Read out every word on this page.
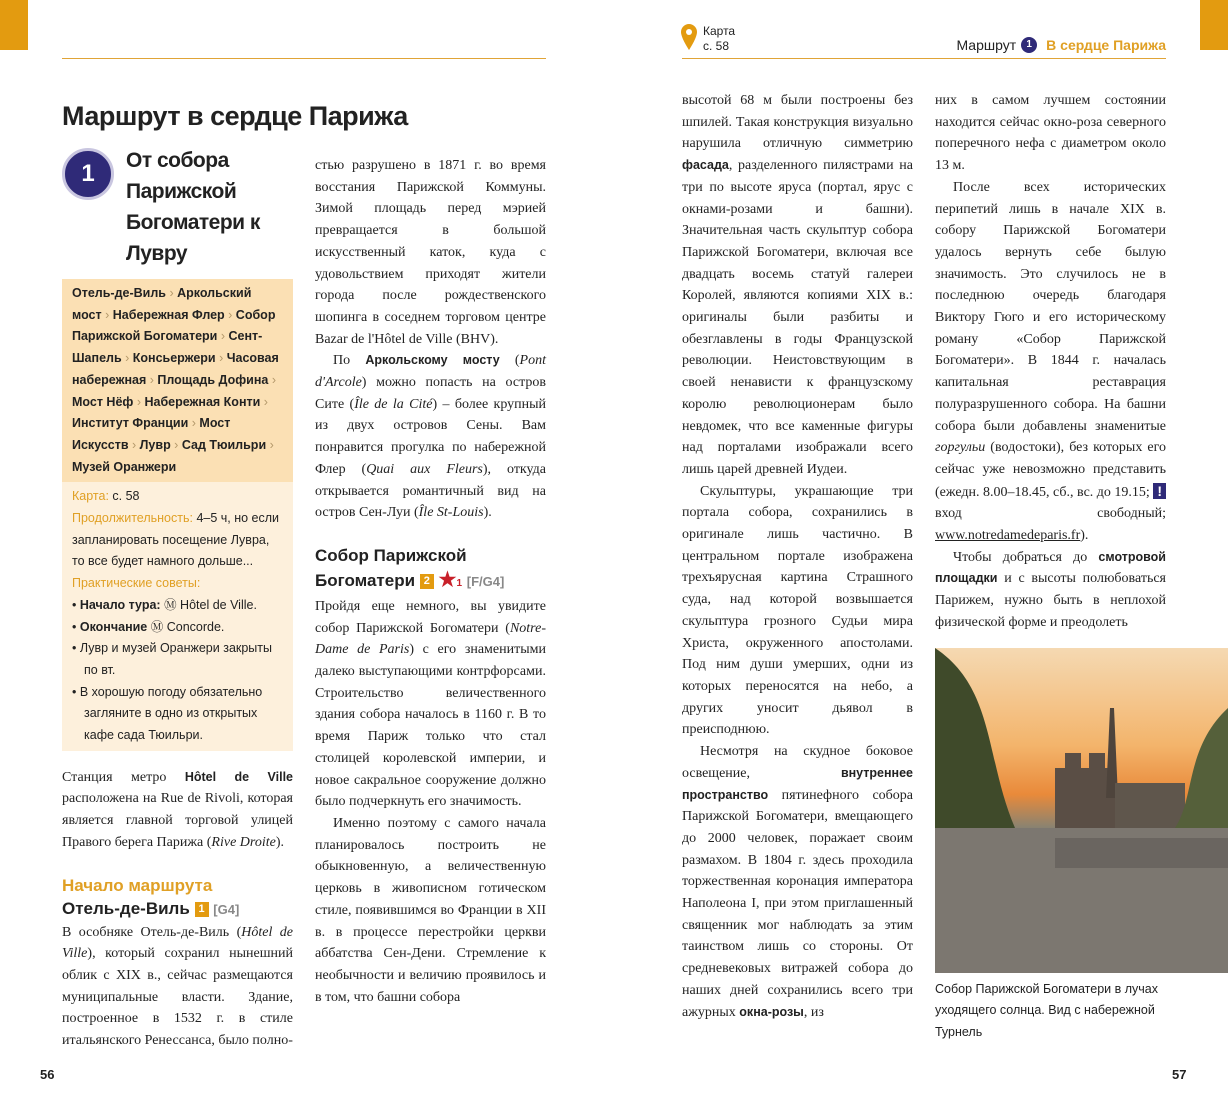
Карта
с. 58	Маршрут	1	В сердце Парижа
Маршрут в сердце Парижа
1	От собора Парижской Богоматери к Лувру
Отель-де-Виль › Аркольский мост › Набережная Флер › Собор Парижской Богоматери › Сент-Шапель › Консьержери › Часовая набережная › Площадь Дофина › Мост Нёф › Набережная Конти › Институт Франции › Мост Искусств › Лувр › Сад Тюильри › Музей Оранжери
Карта: с. 58
Продолжительность: 4–5 ч, но если запланировать посещение Лувра, то все будет намного дольше...
Практические советы:
• Начало тура: Ⓜ Hôtel de Ville.
• Окончание Ⓜ Concorde.
• Лувр и музей Оранжери закрыты по вт.
• В хорошую погоду обязательно загляните в одно из открытых кафе сада Тюильри.

Станция метро Hôtel de Ville расположена на Rue de Rivoli, которая является главной торговой улицей Правого берега Парижа (Rive Droite).

Начало маршрута
Отель-де-Виль 1 [G4]

В особняке Отель-де-Виль (Hôtel de Ville), который сохранил нынешний облик с XIX в., сейчас размещаются муниципальные власти. Здание, построенное в 1532 г. в стиле итальянского Ренессанса, было полно-

стью разрушено в 1871 г. во время восстания Парижской Коммуны. Зимой площадь перед мэрией превращается в большой искусственный каток, куда с удовольствием приходят жители города после рождественского шопинга в соседнем торговом центре Bazar de l'Hôtel de Ville (BHV).

По Аркольскому мосту (Pont d'Arcole) можно попасть на остров Сите (Île de la Cité) – более крупный из двух островов Сены. Вам понравится прогулка по набережной Флер (Quai aux Fleurs), откуда открывается романтичный вид на остров Сен-Луи (Île St-Louis).

Собор Парижской Богоматери 2 ★1 [F/G4]

Пройдя еще немного, вы увидите собор Парижской Богоматери (Notre-Dame de Paris) с его знаменитыми далеко выступающими контрфорсами. Строительство величественного здания собора началось в 1160 г. В то время Париж только что стал столицей королевской империи, и новое сакральное сооружение должно было подчеркнуть его значимость.

Именно поэтому с самого начала планировалось построить не обыкновенную, а величественную церковь в живописном готическом стиле, появившимся во Франции в XII в. в процессе перестройки церкви аббатства Сен-Дени. Стремление к необычности и величию проявилось и в том, что башни собора

высотой 68 м были построены без шпилей. Такая конструкция визуально нарушила отличную симметрию фасада, разделенного пилястрами на три по высоте яруса (портал, ярус с окнами-розами и башни). Значительная часть скульптур собора Парижской Богоматери, включая все двадцать восемь статуй галереи Королей, являются копиями XIX в.: оригиналы были разбиты и обезглавлены в годы Французской революции. Неистовствующим в своей ненависти к французскому королю революционерам было невдомек, что все каменные фигуры над порталами изображали всего лишь царей древней Иудеи.

Скульптуры, украшающие три портала собора, сохранились в оригинале лишь частично. В центральном портале изображена трехъярусная картина Страшного суда, над которой возвышается скульптура грозного Судьи мира Христа, окруженного апостолами. Под ним души умерших, одни из которых переносятся на небо, а других уносит дьявол в преисподнюю.

Несмотря на скудное боковое освещение, внутреннее пространство пятинефного собора Парижской Богоматери, вмещающего до 2000 человек, поражает своим размахом. В 1804 г. здесь проходила торжественная коронация императора Наполеона I, при этом приглашенный священник мог наблюдать за этим таинством лишь со стороны. От средневековых витражей собора до наших дней сохранились всего три ажурных окна-розы, из

них в самом лучшем состоянии находится сейчас окно-роза северного поперечного нефа с диаметром около 13 м.

После всех исторических перипетий лишь в начале XIX в. собору Парижской Богоматери удалось вернуть себе былую значимость. Это случилось не в последнюю очередь благодаря Виктору Гюго и его историческому роману «Собор Парижской Богоматери». В 1844 г. началась капитальная реставрация полуразрушенного собора. На башни собора были добавлены знаменитые горгульи (водостоки), без которых его сейчас уже невозможно представить (ежедн. 8.00–18.45, сб., вс. до 19.15; ! вход свободный; www.notredamedeparis.fr).

Чтобы добраться до смотровой площадки и с высоты полюбоваться Парижем, нужно быть в неплохой физической форме и преодолеть

Собор Парижской Богоматери в лучах уходящего солнца. Вид с набережной Турнель
56	57
